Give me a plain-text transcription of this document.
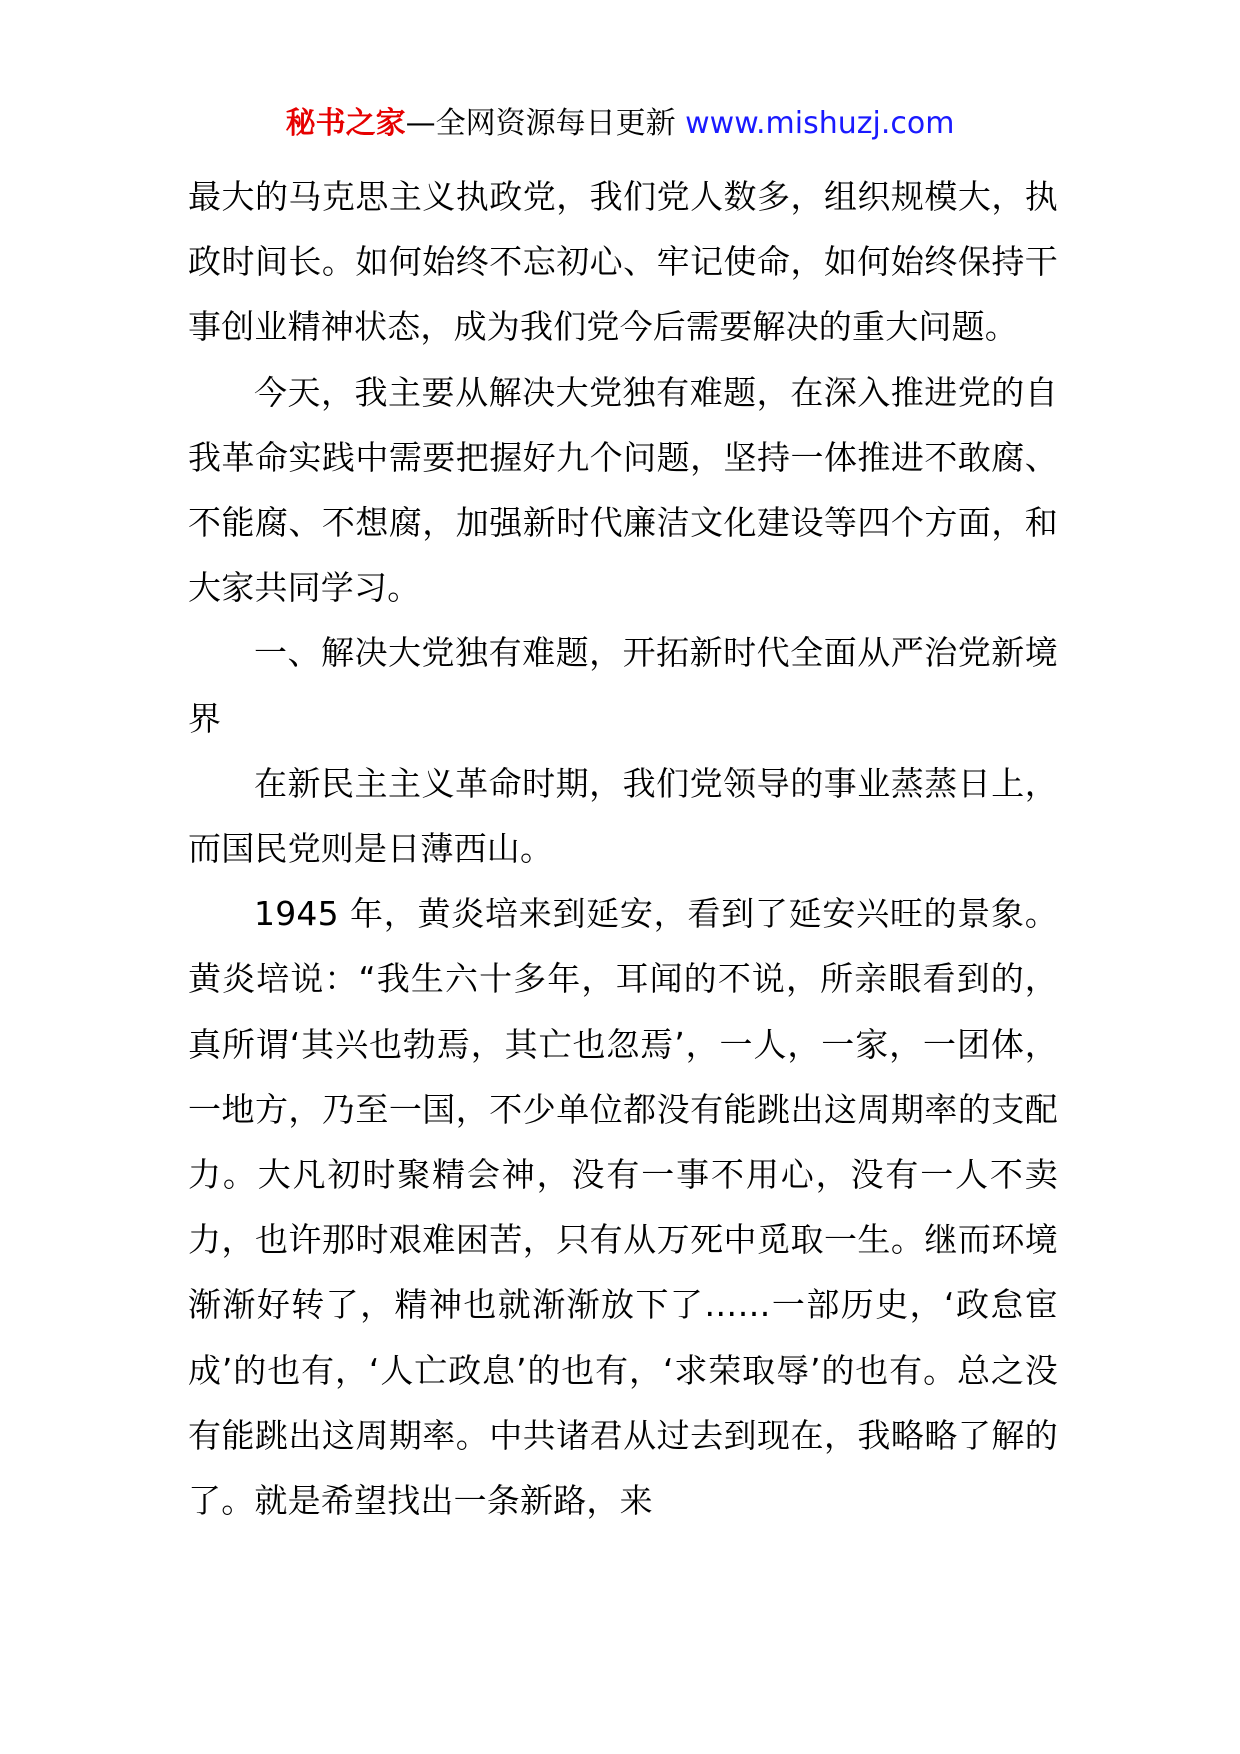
秘书之家—全网资源每日更新 www.mishuzj.com

最大的马克思主义执政党，我们党人数多，组织规模大，执政时间长。如何始终不忘初心、牢记使命，如何始终保持干事创业精神状态，成为我们党今后需要解决的重大问题。

今天，我主要从解决大党独有难题，在深入推进党的自我革命实践中需要把握好九个问题，坚持一体推进不敢腐、不能腐、不想腐，加强新时代廉洁文化建设等四个方面，和大家共同学习。

一、解决大党独有难题，开拓新时代全面从严治党新境界

在新民主主义革命时期，我们党领导的事业蒸蒸日上，而国民党则是日薄西山。

1945 年，黄炎培来到延安，看到了延安兴旺的景象。黄炎培说：“我生六十多年，耳闻的不说，所亲眼看到的，真所谓‘其兴也勃焉，其亡也忽焉’，一人，一家，一团体，一地方，乃至一国，不少单位都没有能跳出这周期率的支配力。大凡初时聚精会神，没有一事不用心，没有一人不卖力，也许那时艰难困苦，只有从万死中觅取一生。继而环境渐渐好转了，精神也就渐渐放下了……一部历史，‘政怠宦成’的也有，‘人亡政息’的也有，‘求荣取辱’的也有。总之没有能跳出这周期率。中共诸君从过去到现在，我略略了解的了。就是希望找出一条新路，来
